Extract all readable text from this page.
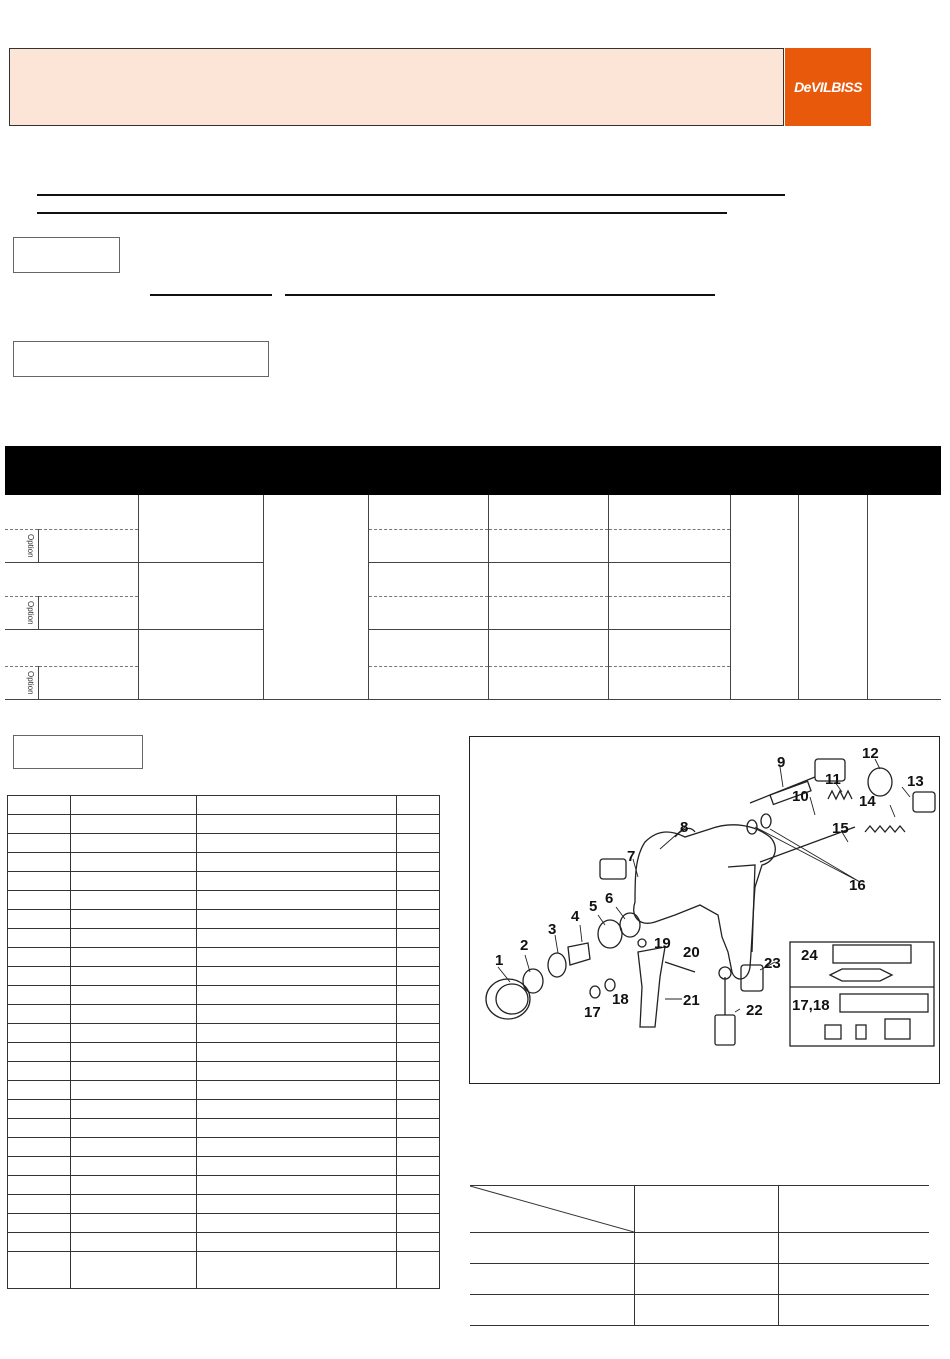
DeVILBISS

Option									

Option									

Option									

1
2
3
4
5 6
7
8
9
10
11
12
13
14
15
16
17
18
19
20
21
22
23 24
17,18
